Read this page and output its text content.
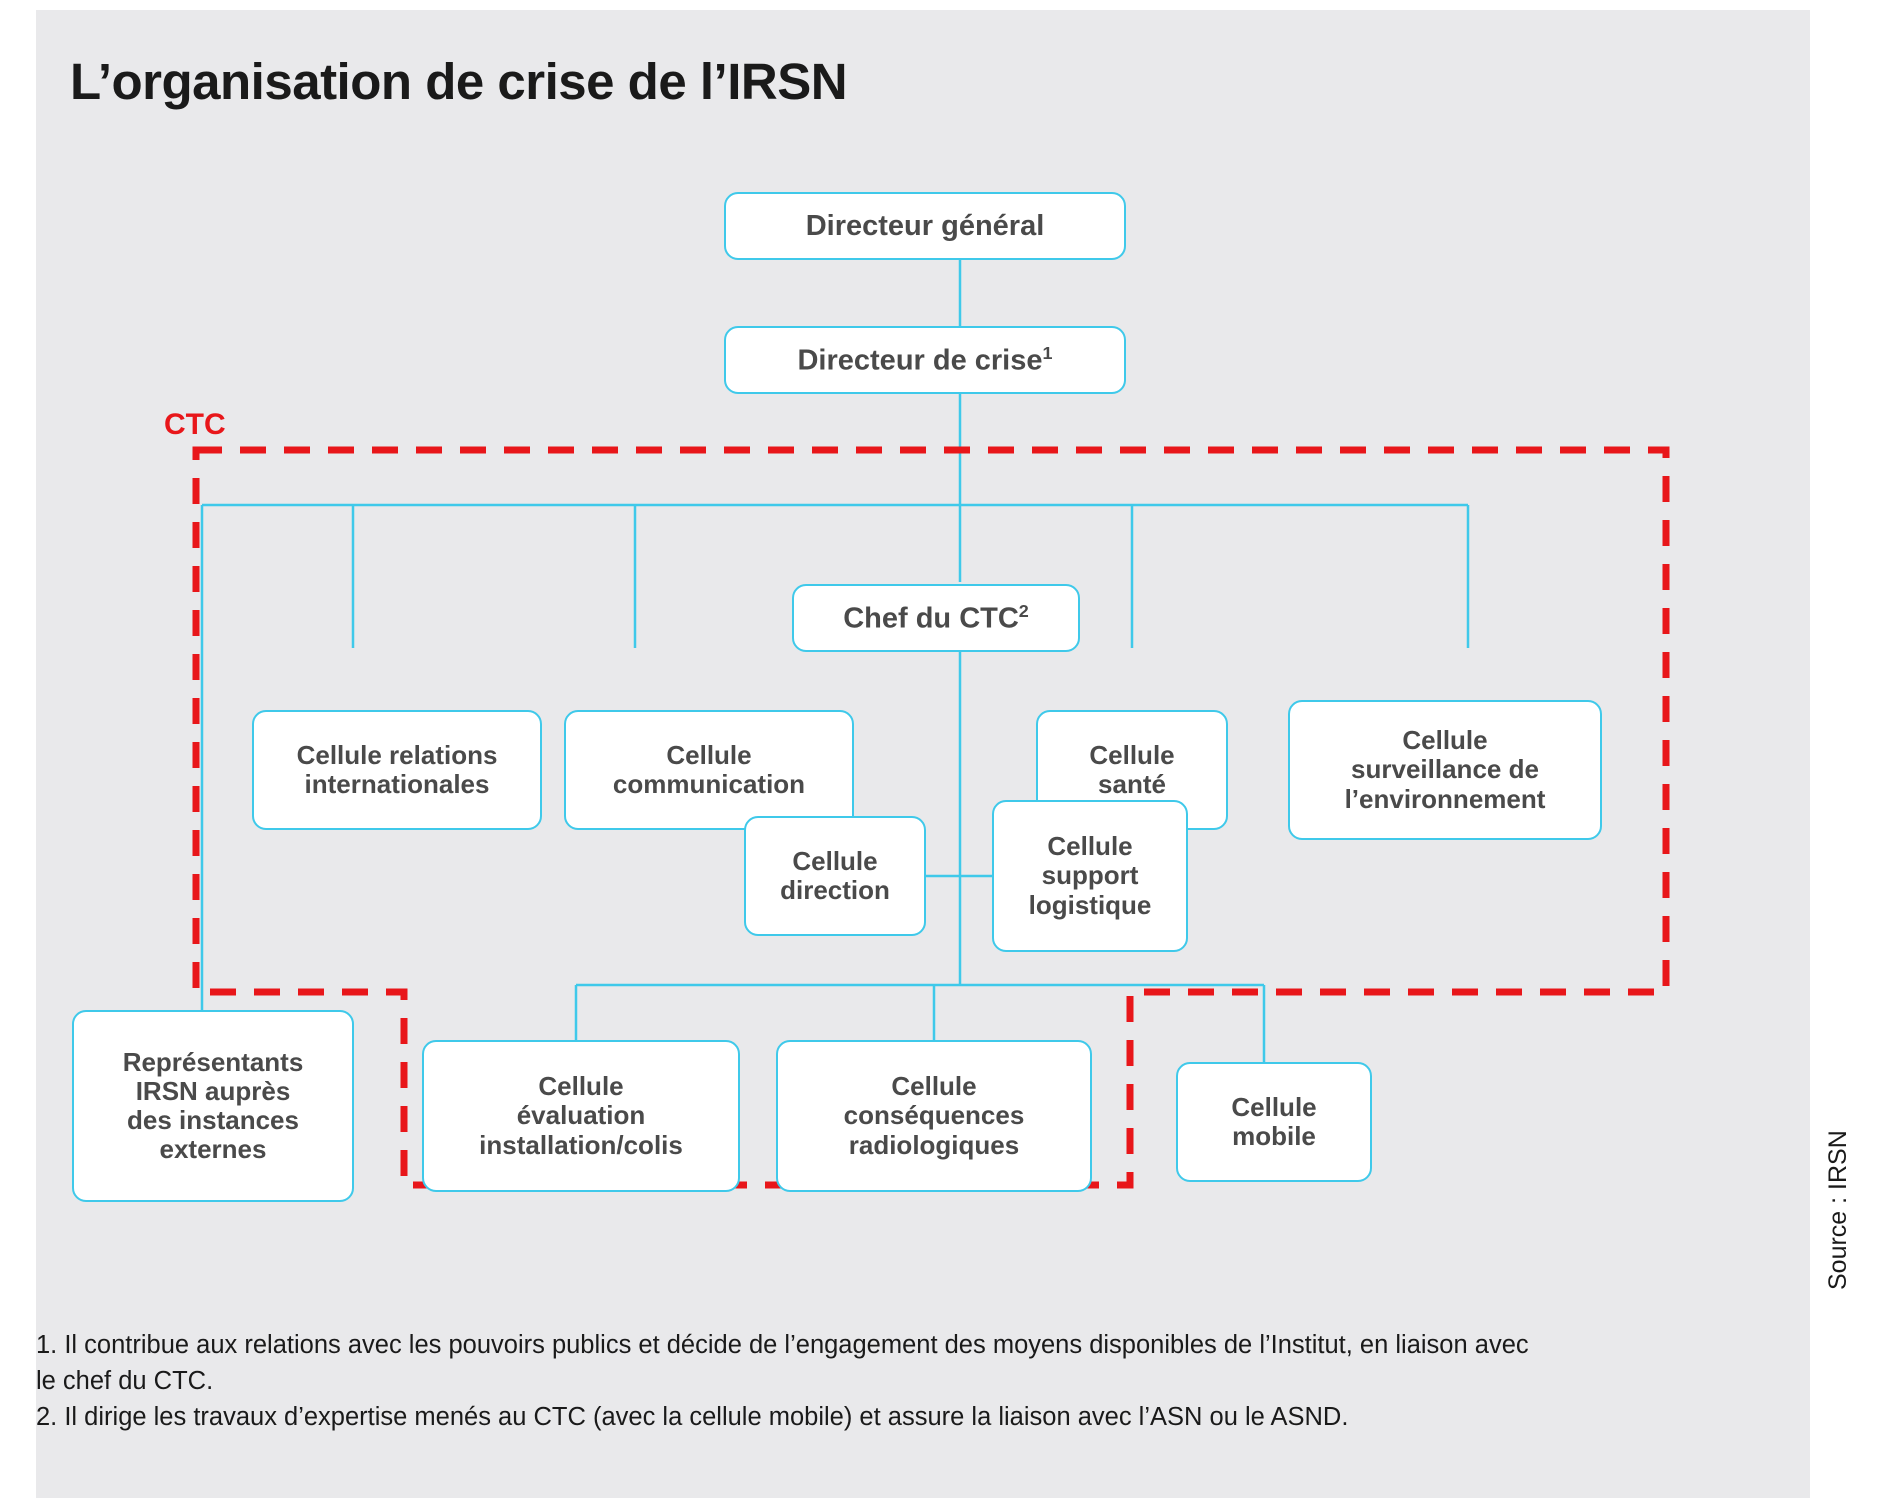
L’organisation de crise de l’IRSN
CTC
Directeur général
Directeur de crise$^1$
Chef du CTC$^2$
Cellule relations
internationales
Cellule
communication
Cellule
santé
Cellule
surveillance de
l’environnement
Cellule
direction
Cellule
support
logistique
Représentants
IRSN auprès
des instances
externes
Cellule
évaluation
installation/colis
Cellule
conséquences
radiologiques
Cellule
mobile
1. Il contribue aux relations avec les pouvoirs publics et décide de l’engagement des moyens disponibles de l’Institut, en liaison avec le chef du CTC.
2. Il dirige les travaux d’expertise menés au CTC (avec la cellule mobile) et assure la liaison avec l’ASN ou le ASND.
Source : IRSN
